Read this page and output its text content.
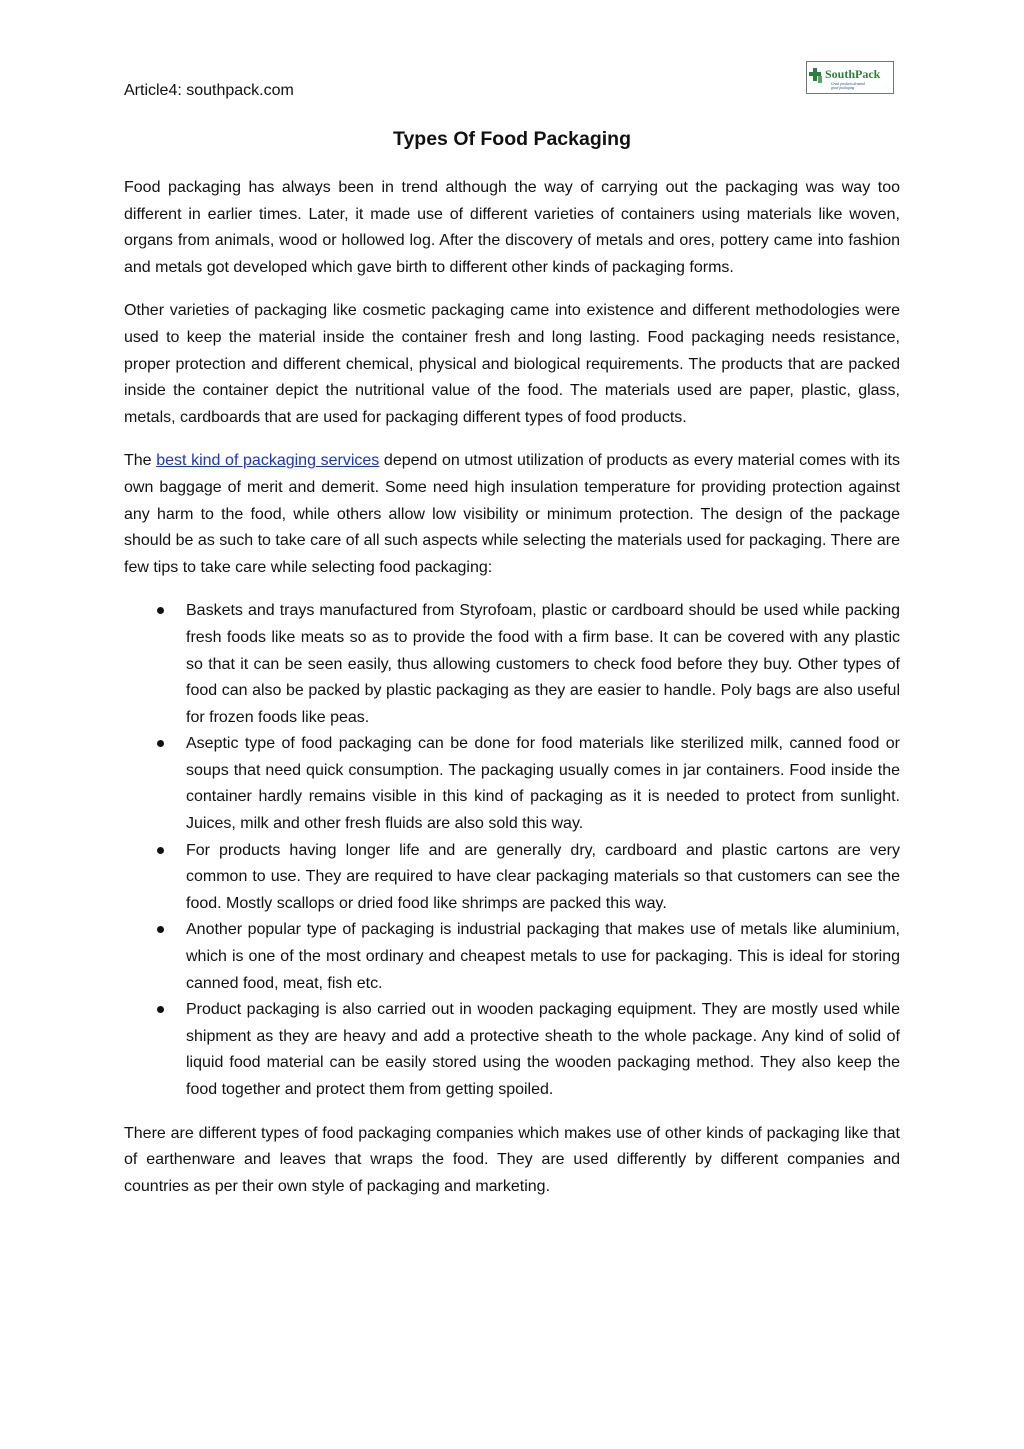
Article4: southpack.com
SouthPack
Great products demand
great packaging
Types Of Food Packaging

Food packaging has always been in trend although the way of carrying out the packaging was way too different in earlier times. Later, it made use of different varieties of containers using materials like woven, organs from animals, wood or hollowed log. After the discovery of metals and ores, pottery came into fashion and metals got developed which gave birth to different other kinds of packaging forms.

Other varieties of packaging like cosmetic packaging came into existence and different methodologies were used to keep the material inside the container fresh and long lasting. Food packaging needs resistance, proper protection and different chemical, physical and biological requirements. The products that are packed inside the container depict the nutritional value of the food. The materials used are paper, plastic, glass, metals, cardboards that are used for packaging different types of food products.

The best kind of packaging services depend on utmost utilization of products as every material comes with its own baggage of merit and demerit. Some need high insulation temperature for providing protection against any harm to the food, while others allow low visibility or minimum protection. The design of the package should be as such to take care of all such aspects while selecting the materials used for packaging. There are few tips to take care while selecting food packaging:

Baskets and trays manufactured from Styrofoam, plastic or cardboard should be used while packing fresh foods like meats so as to provide the food with a firm base. It can be covered with any plastic so that it can be seen easily, thus allowing customers to check food before they buy. Other types of food can also be packed by plastic packaging as they are easier to handle. Poly bags are also useful for frozen foods like peas.
Aseptic type of food packaging can be done for food materials like sterilized milk, canned food or soups that need quick consumption. The packaging usually comes in jar containers. Food inside the container hardly remains visible in this kind of packaging as it is needed to protect from sunlight. Juices, milk and other fresh fluids are also sold this way.
For products having longer life and are generally dry, cardboard and plastic cartons are very common to use. They are required to have clear packaging materials so that customers can see the food. Mostly scallops or dried food like shrimps are packed this way.
Another popular type of packaging is industrial packaging that makes use of metals like aluminium, which is one of the most ordinary and cheapest metals to use for packaging. This is ideal for storing canned food, meat, fish etc.
Product packaging is also carried out in wooden packaging equipment. They are mostly used while shipment as they are heavy and add a protective sheath to the whole package. Any kind of solid of liquid food material can be easily stored using the wooden packaging method. They also keep the food together and protect them from getting spoiled.

There are different types of food packaging companies which makes use of other kinds of packaging like that of earthenware and leaves that wraps the food. They are used differently by different companies and countries as per their own style of packaging and marketing.
